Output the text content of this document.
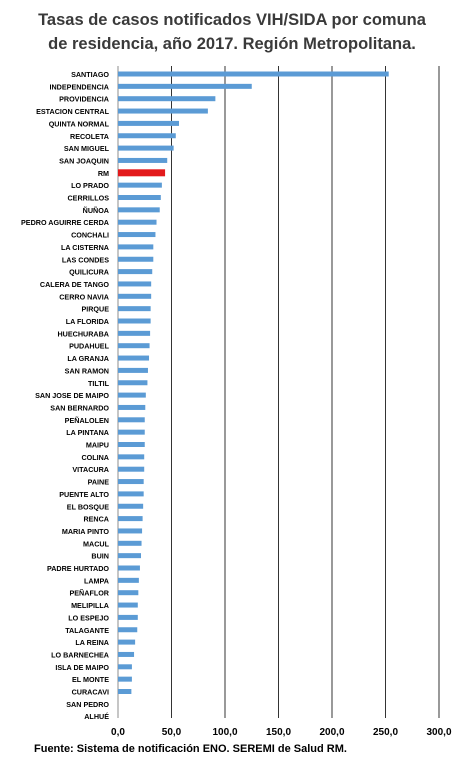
Tasas de casos notificados VIH/SIDA por comuna
de residencia, año 2017. Región Metropolitana.
SANTIAGO
INDEPENDENCIA
PROVIDENCIA
ESTACION CENTRAL
QUINTA NORMAL
RECOLETA
SAN MIGUEL
SAN JOAQUIN
RM
LO PRADO
CERRILLOS
ÑUÑOA
PEDRO AGUIRRE CERDA
CONCHALI
LA CISTERNA
LAS CONDES
QUILICURA
CALERA DE TANGO
CERRO NAVIA
PIRQUE
LA FLORIDA
HUECHURABA
PUDAHUEL
LA GRANJA
SAN RAMON
TILTIL
SAN JOSE DE MAIPO
SAN BERNARDO
PEÑALOLEN
LA PINTANA
MAIPU
COLINA
VITACURA
PAINE
PUENTE ALTO
EL BOSQUE
RENCA
MARIA PINTO
MACUL
BUIN
PADRE HURTADO
LAMPA
PEÑAFLOR
MELIPILLA
LO ESPEJO
TALAGANTE
LA REINA
LO BARNECHEA
ISLA DE MAIPO
EL MONTE
CURACAVI
SAN PEDRO
ALHUÉ
0,0	50,0	100,0	150,0	200,0	250,0	300,0
Fuente: Sistema de notificación ENO. SEREMI de Salud RM.
